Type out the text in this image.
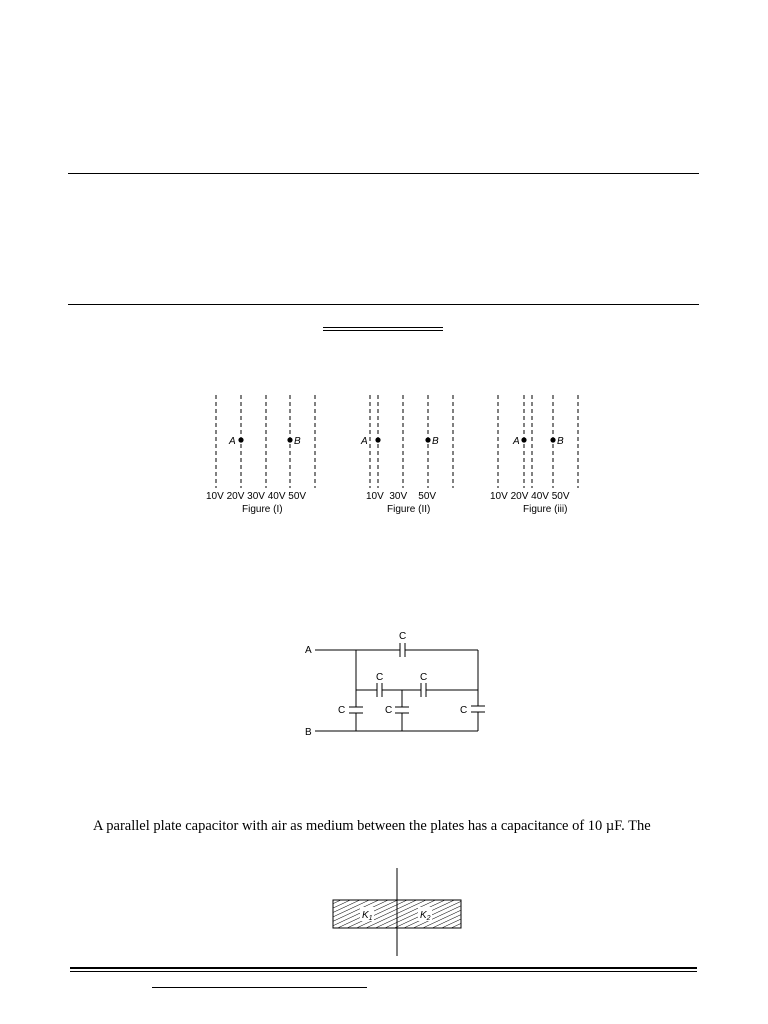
A	B	A	B	A	B
10V 20V 30V 40V 50V	10V  30V    50V	10V 20V 40V 50V
Figure (I)	Figure (II)	Figure (iii)
A
B
C
C	C
C	C	C
A parallel plate capacitor with air as medium between the plates has a capacitance of 10 µF. The
$K_1$	$K_2$
